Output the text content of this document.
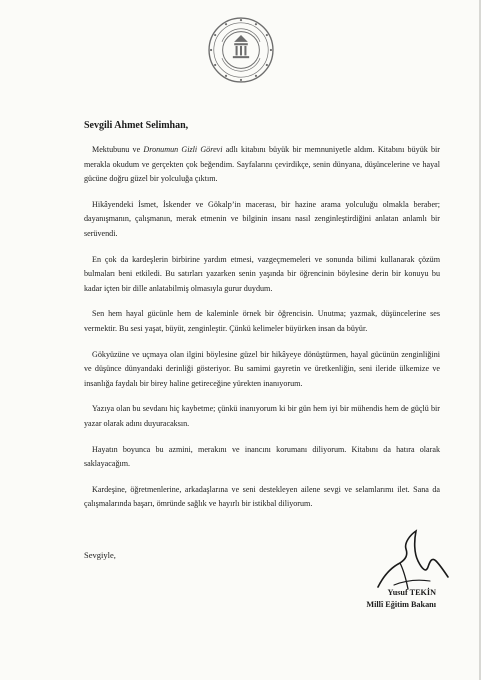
Sevgili Ahmet Selimhan,

Mektubunu ve Dronumun Gizli Görevi adlı kitabını büyük bir memnuniyetle aldım. Kitabını büyük bir merakla okudum ve gerçekten çok beğendim. Sayfalarını çevirdikçe, senin dünyana, düşüncelerine ve hayal gücüne doğru güzel bir yolculuğa çıktım.

Hikâyendeki İsmet, İskender ve Gökalp’in macerası, bir hazine arama yolculuğu olmakla beraber; dayanışmanın, çalışmanın, merak etmenin ve bilginin insanı nasıl zenginleştirdiğini anlatan anlamlı bir serüvendi.

En çok da kardeşlerin birbirine yardım etmesi, vazgeçmemeleri ve sonunda bilimi kullanarak çözüm bulmaları beni etkiledi. Bu satırları yazarken senin yaşında bir öğrencinin böylesine derin bir konuyu bu kadar içten bir dille anlatabilmiş olmasıyla gurur duydum.

Sen hem hayal gücünle hem de kaleminle örnek bir öğrencisin. Unutma; yazmak, düşüncelerine ses vermektir. Bu sesi yaşat, büyüt, zenginleştir. Çünkü kelimeler büyürken insan da büyür.

Gökyüzüne ve uçmaya olan ilgini böylesine güzel bir hikâyeye dönüştürmen, hayal gücünün zenginliğini ve düşünce dünyandaki derinliği gösteriyor. Bu samimi gayretin ve üretkenliğin, seni ileride ülkemize ve insanlığa faydalı bir birey haline getireceğine yürekten inanıyorum.

Yazıya olan bu sevdanı hiç kaybetme; çünkü inanıyorum ki bir gün hem iyi bir mühendis hem de güçlü bir yazar olarak adını duyuracaksın.

Hayatın boyunca bu azmini, merakını ve inancını korumanı diliyorum. Kitabını da hatıra olarak saklayacağım.

Kardeşine, öğretmenlerine, arkadaşlarına ve seni destekleyen ailene sevgi ve selamlarımı ilet. Sana da çalışmalarında başarı, ömründe sağlık ve hayırlı bir istikbal diliyorum.

Sevgiyle,
Yusuf TEKİN
Millî Eğitim Bakanı
